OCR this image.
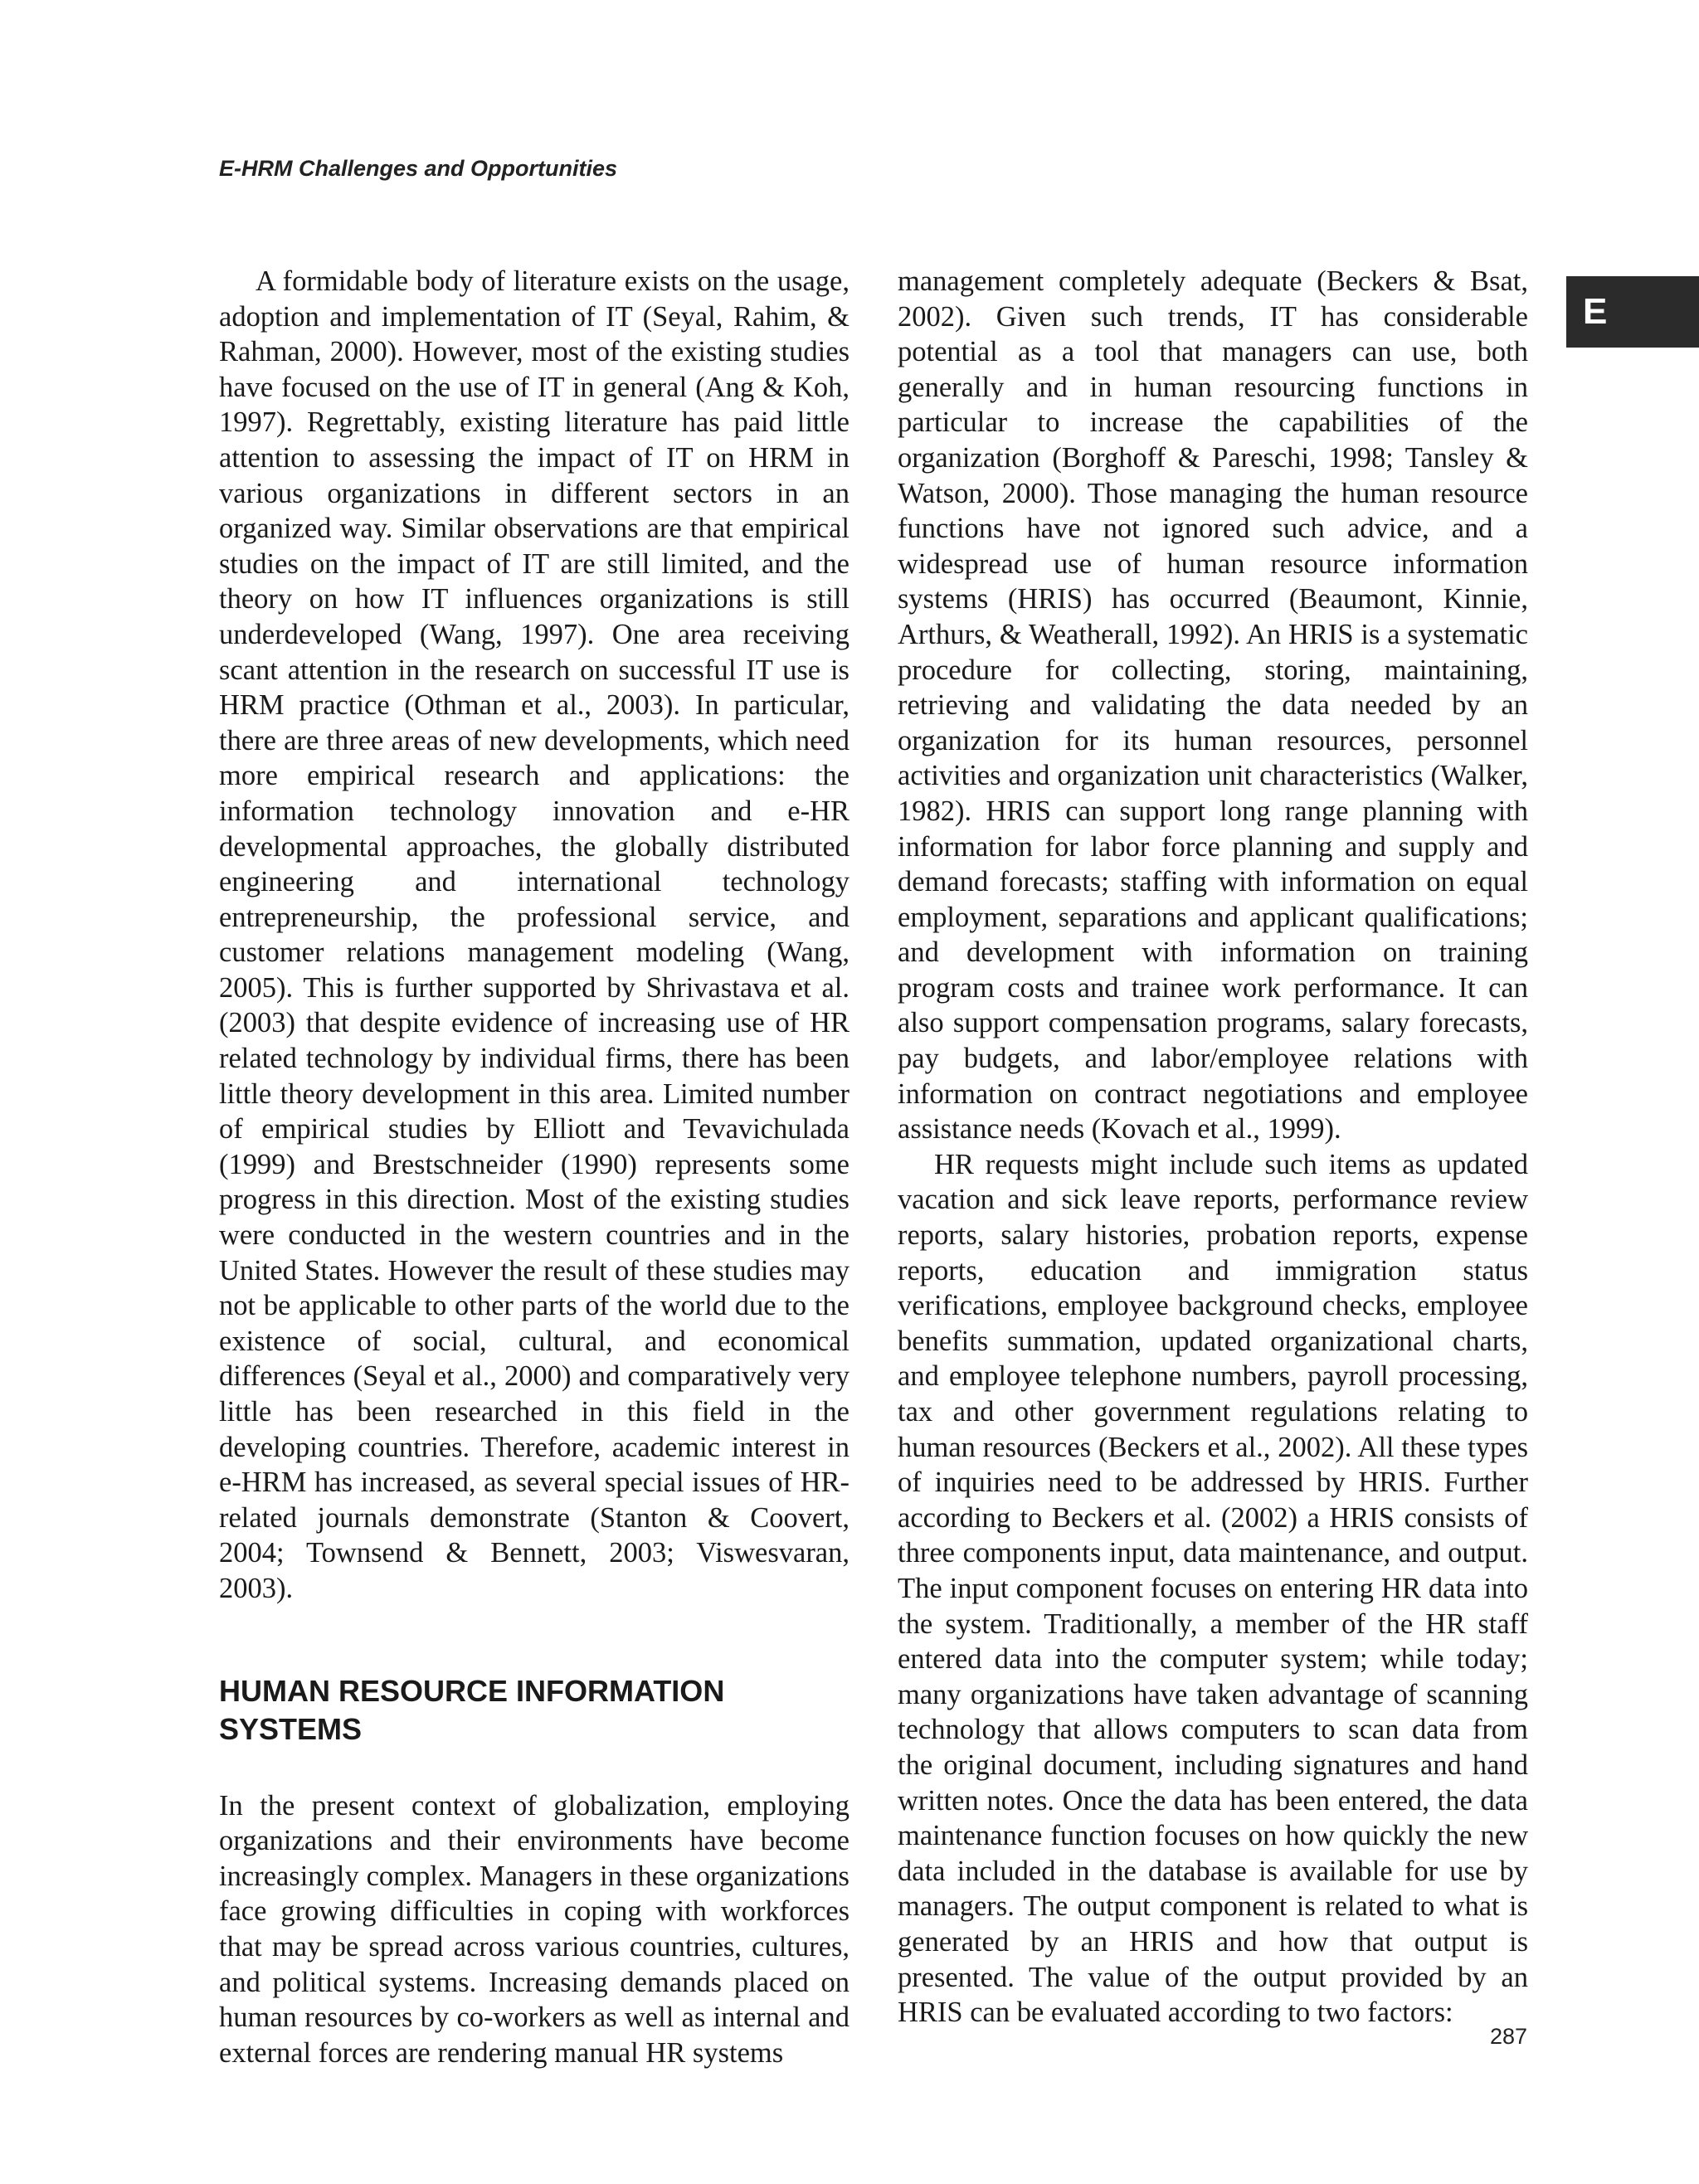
E-HRM Challenges and Opportunities
E

A formidable body of literature exists on the usage, adoption and implementation of IT (Seyal, Rahim, & Rahman, 2000). However, most of the existing studies have focused on the use of IT in general (Ang & Koh, 1997). Regrettably, existing literature has paid little attention to assessing the impact of IT on HRM in various organizations in different sectors in an organized way. Similar observations are that empirical studies on the impact of IT are still limited, and the theory on how IT influences organizations is still underdeveloped (Wang, 1997). One area receiving scant attention in the research on successful IT use is HRM practice (Othman et al., 2003). In particular, there are three areas of new developments, which need more empirical research and applications: the information technology innovation and e-HR developmental approaches, the globally distributed engineering and international technology entrepreneurship, the professional service, and customer relations management modeling (Wang, 2005). This is further supported by Shrivastava et al. (2003) that despite evidence of increasing use of HR related technology by individual firms, there has been little theory development in this area. Limited number of empirical studies by Elliott and Tevavichulada (1999) and Brestschneider (1990) represents some progress in this direction. Most of the existing studies were conducted in the western countries and in the United States. However the result of these studies may not be applicable to other parts of the world due to the existence of social, cultural, and economical differences (Seyal et al., 2000) and comparatively very little has been researched in this field in the developing countries. Therefore, academic interest in e-HRM has increased, as several special issues of HR-related journals demonstrate (Stanton & Coovert, 2004; Townsend & Bennett, 2003; Viswesvaran, 2003).

HUMAN RESOURCE INFORMATION SYSTEMS

In the present context of globalization, employing organizations and their environments have become increasingly complex. Managers in these organizations face growing difficulties in coping with workforces that may be spread across various countries, cultures, and political systems. Increasing demands placed on human resources by co-workers as well as internal and external forces are rendering manual HR systems

management completely adequate (Beckers & Bsat, 2002). Given such trends, IT has considerable potential as a tool that managers can use, both generally and in human resourcing functions in particular to increase the capabilities of the organization (Borghoff & Pareschi, 1998; Tansley & Watson, 2000). Those managing the human resource functions have not ignored such advice, and a widespread use of human resource information systems (HRIS) has occurred (Beaumont, Kinnie, Arthurs, & Weatherall, 1992). An HRIS is a systematic procedure for collecting, storing, maintaining, retrieving and validating the data needed by an organization for its human resources, personnel activities and organization unit characteristics (Walker, 1982). HRIS can support long range planning with information for labor force planning and supply and demand forecasts; staffing with information on equal employment, separations and applicant qualifications; and development with information on training program costs and trainee work performance. It can also support compensation programs, salary forecasts, pay budgets, and labor/employee relations with information on contract negotiations and employee assistance needs (Kovach et al., 1999).

HR requests might include such items as updated vacation and sick leave reports, performance review reports, salary histories, probation reports, expense reports, education and immigration status verifications, employee background checks, employee benefits summation, updated organizational charts, and employee telephone numbers, payroll processing, tax and other government regulations relating to human resources (Beckers et al., 2002). All these types of inquiries need to be addressed by HRIS. Further according to Beckers et al. (2002) a HRIS consists of three components input, data maintenance, and output. The input component focuses on entering HR data into the system. Traditionally, a member of the HR staff entered data into the computer system; while today; many organizations have taken advantage of scanning technology that allows computers to scan data from the original document, including signatures and hand written notes. Once the data has been entered, the data maintenance function focuses on how quickly the new data included in the database is available for use by managers. The output component is related to what is generated by an HRIS and how that output is presented. The value of the output provided by an HRIS can be evaluated according to two factors:

287
